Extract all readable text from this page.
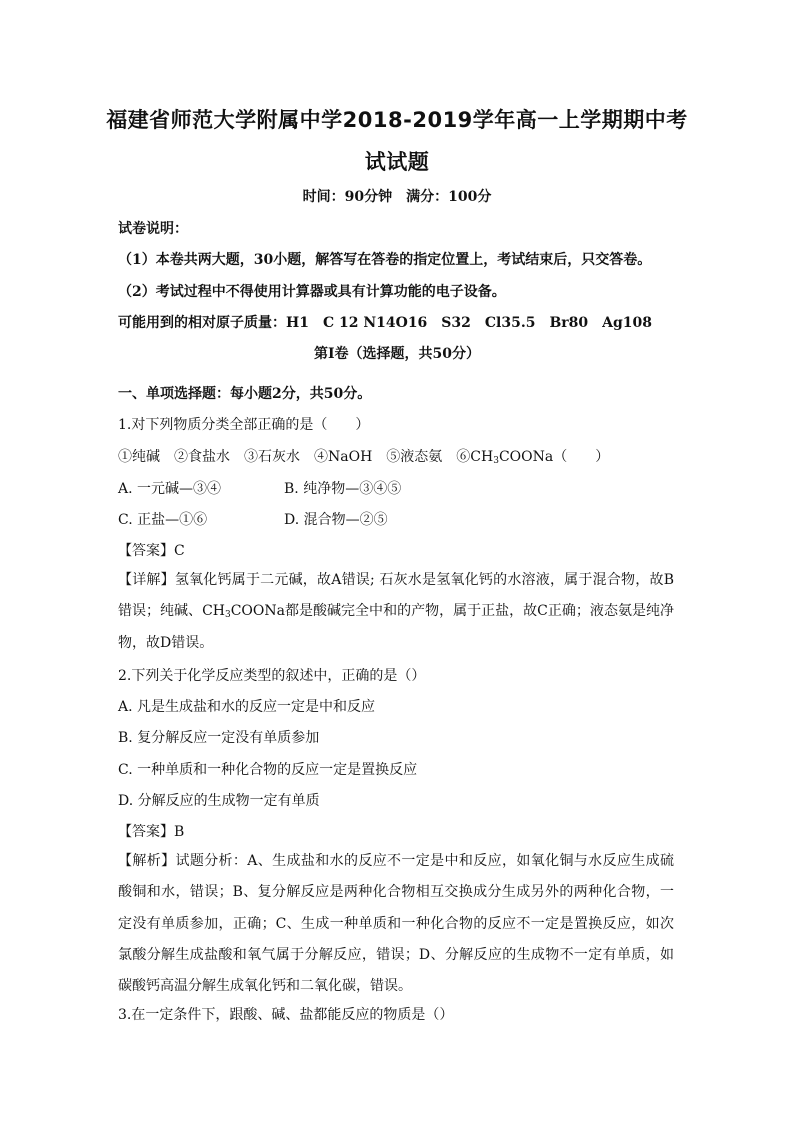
福建省师范大学附属中学2018-2019学年高一上学期期中考
试试题
时间：90分钟　满分：100分
试卷说明：
（1）本卷共两大题，30小题，解答写在答卷的指定位置上，考试结束后，只交答卷。
（2）考试过程中不得使用计算器或具有计算功能的电子设备。
可能用到的相对原子质量：H1　C 12 N14O16　S32　Cl35.5　Br80　Ag108
第Ⅰ卷（选择题，共50分）
一、单项选择题：每小题2分，共50分。
1.对下列物质分类全部正确的是（　　）
①纯碱　②食盐水　③石灰水　④NaOH　⑤液态氨　$⑥CH_3COONa$（　　）
A. 一元碱—③④	B. 纯净物—③④⑤
C. 正盐—①⑥	D. 混合物—②⑤
【答案】C
【详解】氢氧化钙属于二元碱，故A错误; 石灰水是氢氧化钙的水溶液，属于混合物，故B错误；纯碱、$CH_3COONa$都是酸碱完全中和的产物，属于正盐，故C正确；液态氨是纯净物，故D错误。
2.下列关于化学反应类型的叙述中，正确的是（）
A. 凡是生成盐和水的反应一定是中和反应
B. 复分解反应一定没有单质参加
C. 一种单质和一种化合物的反应一定是置换反应
D. 分解反应的生成物一定有单质
【答案】B
【解析】试题分析：A、生成盐和水的反应不一定是中和反应，如氧化铜与水反应生成硫酸铜和水，错误；B、复分解反应是两种化合物相互交换成分生成另外的两种化合物，一定没有单质参加，正确；C、生成一种单质和一种化合物的反应不一定是置换反应，如次氯酸分解生成盐酸和氧气属于分解反应，错误；D、分解反应的生成物不一定有单质，如碳酸钙高温分解生成氧化钙和二氧化碳，错误。
3.在一定条件下，跟酸、碱、盐都能反应的物质是（）
